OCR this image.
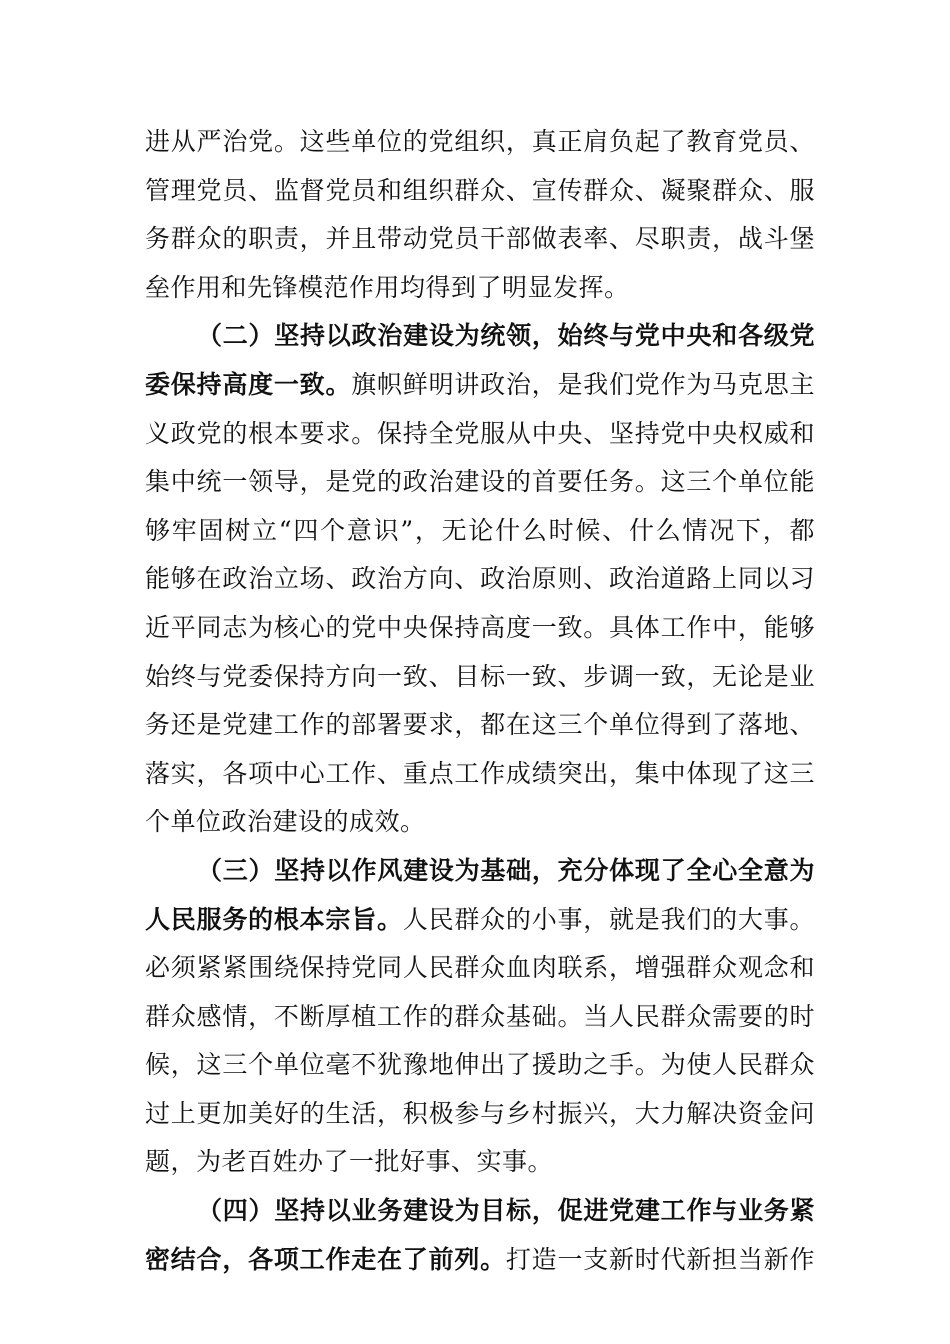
进从严治党。这些单位的党组织，真正肩负起了教育党员、
管理党员、监督党员和组织群众、宣传群众、凝聚群众、服
务群众的职责，并且带动党员干部做表率、尽职责，战斗堡
垒作用和先锋模范作用均得到了明显发挥。
（二）坚持以政治建设为统领，始终与党中央和各级党
委保持高度一致。旗帜鲜明讲政治，是我们党作为马克思主
义政党的根本要求。保持全党服从中央、坚持党中央权威和
集中统一领导，是党的政治建设的首要任务。这三个单位能
够牢固树立“四个意识”，无论什么时候、什么情况下，都
能够在政治立场、政治方向、政治原则、政治道路上同以习
近平同志为核心的党中央保持高度一致。具体工作中，能够
始终与党委保持方向一致、目标一致、步调一致，无论是业
务还是党建工作的部署要求，都在这三个单位得到了落地、
落实，各项中心工作、重点工作成绩突出，集中体现了这三
个单位政治建设的成效。
（三）坚持以作风建设为基础，充分体现了全心全意为
人民服务的根本宗旨。人民群众的小事，就是我们的大事。
必须紧紧围绕保持党同人民群众血肉联系，增强群众观念和
群众感情，不断厚植工作的群众基础。当人民群众需要的时
候，这三个单位毫不犹豫地伸出了援助之手。为使人民群众
过上更加美好的生活，积极参与乡村振兴，大力解决资金问
题，为老百姓办了一批好事、实事。
（四）坚持以业务建设为目标，促进党建工作与业务紧
密结合，各项工作走在了前列。打造一支新时代新担当新作
